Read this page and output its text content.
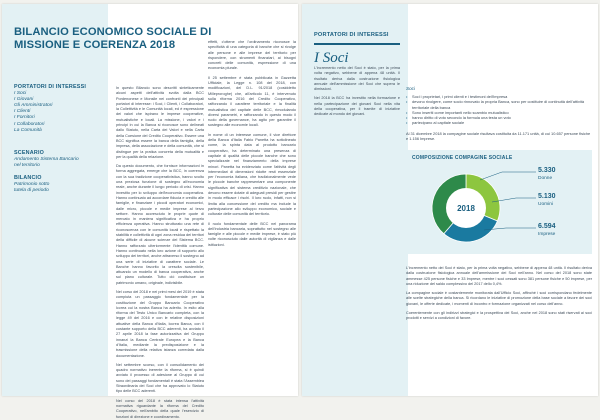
BILANCIO ECONOMICO SOCIALE DI MISSIONE E COERENZA 2018
PORTATORI DI INTERESSI
I Soci
I Giovani
Gli Amministratori
I Clienti
I Fornitori
I Collaboratori
La Comunità
SCENARIO
Andamento Sistema Bancario
nel territorio
BILANCIO
Patrimonio sotto
tutela di periodo

In questo Bilancio sono descritti sinteticamente alcuni aspetti dell'attività svolta dalla BCC Pordenonese e Monsile nei confronti dei principali portatori di interesse: i Soci, i Clienti, i Collaboratori, la Collettività e le Comunità locali, ed è espressione dei valori che ispirano le imprese cooperative, mutualistiche e locali. La missione, i valori e i principi in cui la Banca si riconosce sono delineati dallo Statuto, nella Carta dei Valori e nella Carta della Coesione del Credito Cooperativo. Essere una BCC significa essere la banca della famiglia, della impresa, della associazione e della comunità, che si distingue per la pratica concreta della mutualità e per la qualità della relazione.

Da questo documento, che fornisce informazioni in forma aggregata, emerge che la BCC, in coerenza con la sua tradizione cooperativistica, hanno svolto una preziosa funzione di sostegno all'economia reale, anche durante il lungo periodo di crisi. Hanno investito per lo sviluppo dell'economia cooperativa. Hanno continuato ad accordare fiducia e credito alle famiglie, e finanziare i piccoli operatori economici, dalle micro, piccole e medie imprese al terzo settore. Hanno accresciuto le proprie quote di mercato in maniera significativa e ha proprio efficienza operativa. Hanno strutturato una rete di riconoscenza con le comunità locali e rispettato la stabilità e collettività di ogni zona residua dei territori della difficile di alcune scienze del Sistema BCC. Hanno rafforzato ulteriormente l'identità comune. Hanno continuato nella loro azione di supporto allo sviluppo dei territori, anche attraverso il sostegno ad una serie di iniziative di carattere sociale. Le Banche hanno favorito la crescita sostenibile, attuando un modello di banca cooperativa, anche sul piano culturale. Tutto ciò costituisce un patrimonio umano, originale, indivisibile.

Nel corso del 2018 e nei primi mesi del 2019 è stata compiuta un passaggio fondamentale per la costituzione del Gruppo Bancario Cooperativo Iccrea cui la nostra Banca ha aderito. In esito alla riforma del Testo Unico Bancario completa, con la legge 49 del 2016 e con le relative disposizioni attuative della Banca d'Italia, Iccrea Banca, con il costante supporto della BCC aderenti, ha avviato il 27 aprile 2018 la fase autorizzativa del Gruppo innanzi la Banca Centrale Europea e la Banca d'Italia, mediante la predisposizione e la trasmissione della relativa istanza corredata dalla documentazione.

Nel settembre scorso, con il consolidamento dei quadro normativo inerente la riforma, si è quindi avviato il processo di adesione al Gruppo di cui sono dei passaggi fondamentali è stata l'Assemblea Straordinaria dei Soci che ha approvato lo Statuto tipo delle BCC aderenti.

Nel corso del 2018 è stata intensa l'attività normativa riguardante la riforma del Credito Cooperativo, nell'ambito della quale l'esercizio di funzioni di direzione e coordinamento.

effetti, c'ottene che l'ordinamento riconosce la specificità di una categoria di banche che si rivolge alle persone e alle imprese del territorio per rispondere, con strumenti finanziari, ai bisogni concreti delle comunità, espressione di una economia plurale.

Il 25 settembre è stata pubblicata in Gazzetta Ufficiale, la Legge n. 108 del 2018, con modificazioni, del D.L. 91/2018 (cosiddetto Milleproroghe) che, all'articolo 11, è intervenuto sulla riforma 2016 del Credito Cooperativo, rafforzando il carattere territoriale e la finalità mutualistica del capitale delle BCC, rimodulando diversi parametri, e rafforzando in questo modo il ruolo della governance, ha agito per garantire il sostegno alle economie locali.

In nome di un interesse comune, il vice direttore della Banca d'Italia Fabio Panetta ha sottolineato come, la spinta data al prodotto bancario cooperativo, ha determinato una presenza di capitale di qualità delle piccole banche che sono specializzate nel finanziamento della imprese minori. Panetta ha evidenziato come l'attività degli intermediari di dimensioni ridotte resti essenziale per l'economia italiana, che tradizionalmente vede le piccole banche rappresentare una componente significativa del sistema creditizio nazionale, che devono essere dotate di adeguati presidi per gestire in modo efficace i rischi. Il loro ruolo, infatti, non si limita alla concessione del credito ma include la partecipazione allo sviluppo economico, sociale e culturale delle comunità del territorio.

Il ruolo fondamentale delle BCC nel panorama dell'industria bancaria, soprattutto nel sostegno alle famiglie e alle piccole e medie imprese, è stato più volte riconosciuto dalle autorità di vigilanza e dalle istituzioni.

PORTATORI DI INTERESSI
I Soci

L'incremento netto dei Soci è stato, per la prima volta negativo, sebbene di appena 48 unità. Il risultato deriva dalla costruzione fisiologica annuale dell'ammissione dei Soci che supera le dimissioni.

Nel 2018 la BCC ha investito nella formazione e nella partecipazione dei giovani Soci nella vita della cooperativa, per il tramite di iniziative dedicate al mondo dei giovani.

Soci
• Soci i proprietari, i primi clienti e i testimoni dell'impresa
• devono rivolgere, come socio rinnovato la propria Banca, sono per costituire di continuità dell'attività territoriale della banca
• Sono inseriti come importanti nello scambio mutualistico
• hanno diritto di voto secondo la formula una testa un voto
• partecipano al capitale sociale

Al 31 dicembre 2018 la compagine sociale risultava costituita da 11.171 unità, di cui 10.657 persone fisiche e 1.156 Imprese.

COMPOSIZIONE COMPAGINE SOCIALE
2018
5.330
Donne
5.130
Uomini
6.594
Imprese

L'incremento netto dei Soci è stato, per la prima volta negativo, sebbene di appena 48 unità. Il risultato deriva dalla costruzione fisiologica annuale dell'ammissione dei Soci nell'anno. Nel corso del 2018 sono state ammesse 425 persone fisiche e 33 Imprese, mentre i soci cessati sono 381 persone fisiche e 50 imprese, per una riduzione del saldo complessivo del 2017 dello 0,4%.

La compagine sociale è costantemente monitorata dall'Ufficio Soci, affinché i soci corrispondano fedelmente alle scelte strategiche della banca. Si ricordano le iniziative di promozione della base sociale a favore dei soci giovani, le offerte dedicate, i momenti di incontro e formazione organizzati nel corso dell'anno.

Coerentemente con gli indirizzi strategici e la prospettiva dei Soci, anche nel 2018 sono stati riservati ai soci prodotti e servizi a condizioni di favore.
